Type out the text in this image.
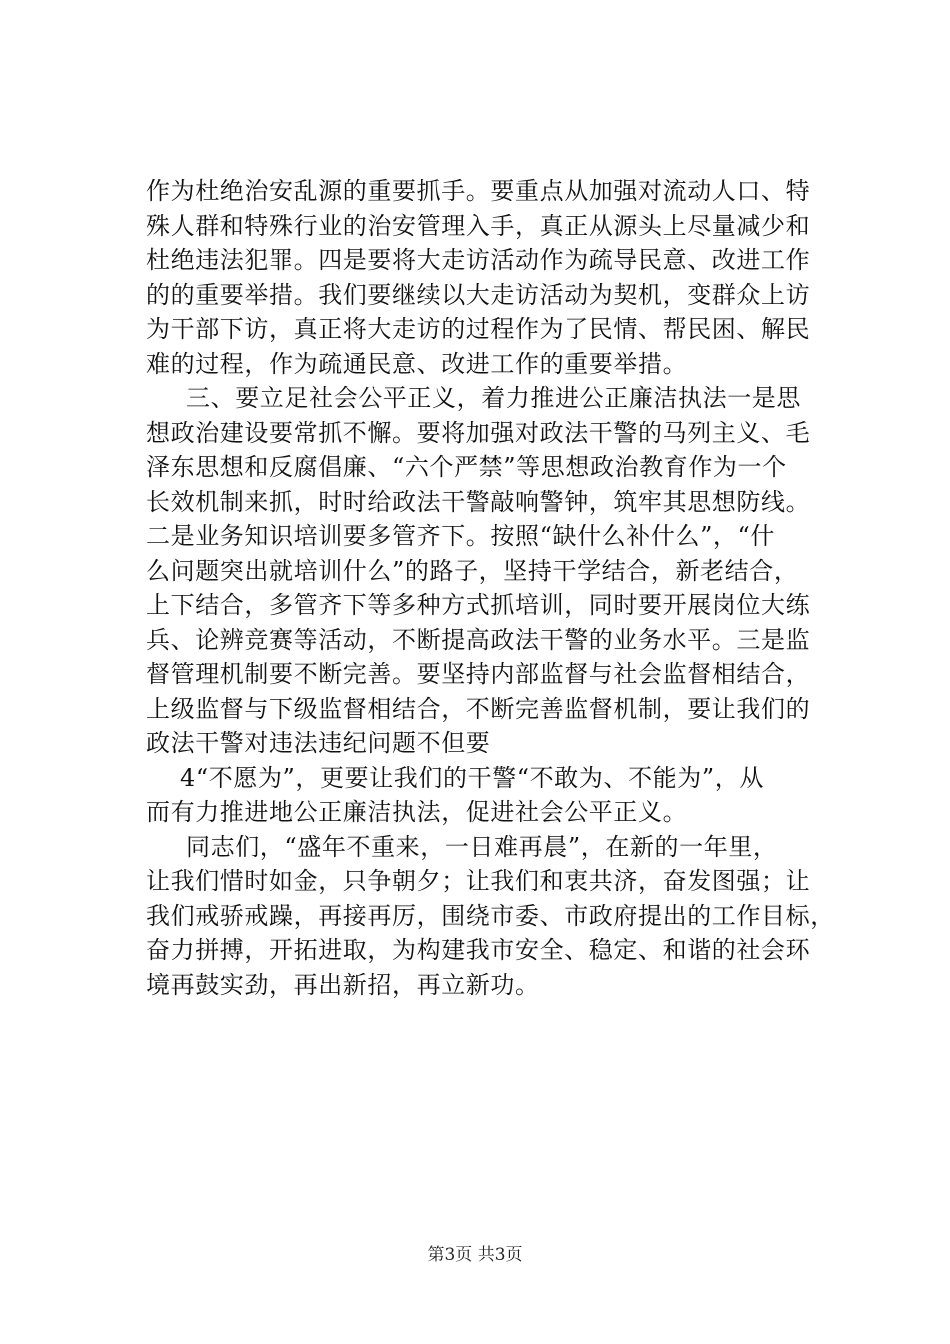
作为杜绝治安乱源的重要抓手。要重点从加强对流动人口、特
殊人群和特殊行业的治安管理入手，真正从源头上尽量减少和
杜绝违法犯罪。四是要将大走访活动作为疏导民意、改进工作
的的重要举措。我们要继续以大走访活动为契机，变群众上访
为干部下访，真正将大走访的过程作为了民情、帮民困、解民
难的过程，作为疏通民意、改进工作的重要举措。
三、要立足社会公平正义，着力推进公正廉洁执法一是思
想政治建设要常抓不懈。要将加强对政法干警的马列主义、毛
泽东思想和反腐倡廉、“六个严禁”等思想政治教育作为一个
长效机制来抓，时时给政法干警敲响警钟，筑牢其思想防线。
二是业务知识培训要多管齐下。按照“缺什么补什么”，“什
么问题突出就培训什么”的路子，坚持干学结合，新老结合，
上下结合，多管齐下等多种方式抓培训，同时要开展岗位大练
兵、论辨竞赛等活动，不断提高政法干警的业务水平。三是监
督管理机制要不断完善。要坚持内部监督与社会监督相结合，
上级监督与下级监督相结合，不断完善监督机制，要让我们的
政法干警对违法违纪问题不但要
4“不愿为”，更要让我们的干警“不敢为、不能为”，从
而有力推进地公正廉洁执法，促进社会公平正义。
同志们，“盛年不重来，一日难再晨”，在新的一年里，
让我们惜时如金，只争朝夕；让我们和衷共济，奋发图强；让
我们戒骄戒躁，再接再厉，围绕市委、市政府提出的工作目标，
奋力拼搏，开拓进取，为构建我市安全、稳定、和谐的社会环
境再鼓实劲，再出新招，再立新功。
第3页 共3页
